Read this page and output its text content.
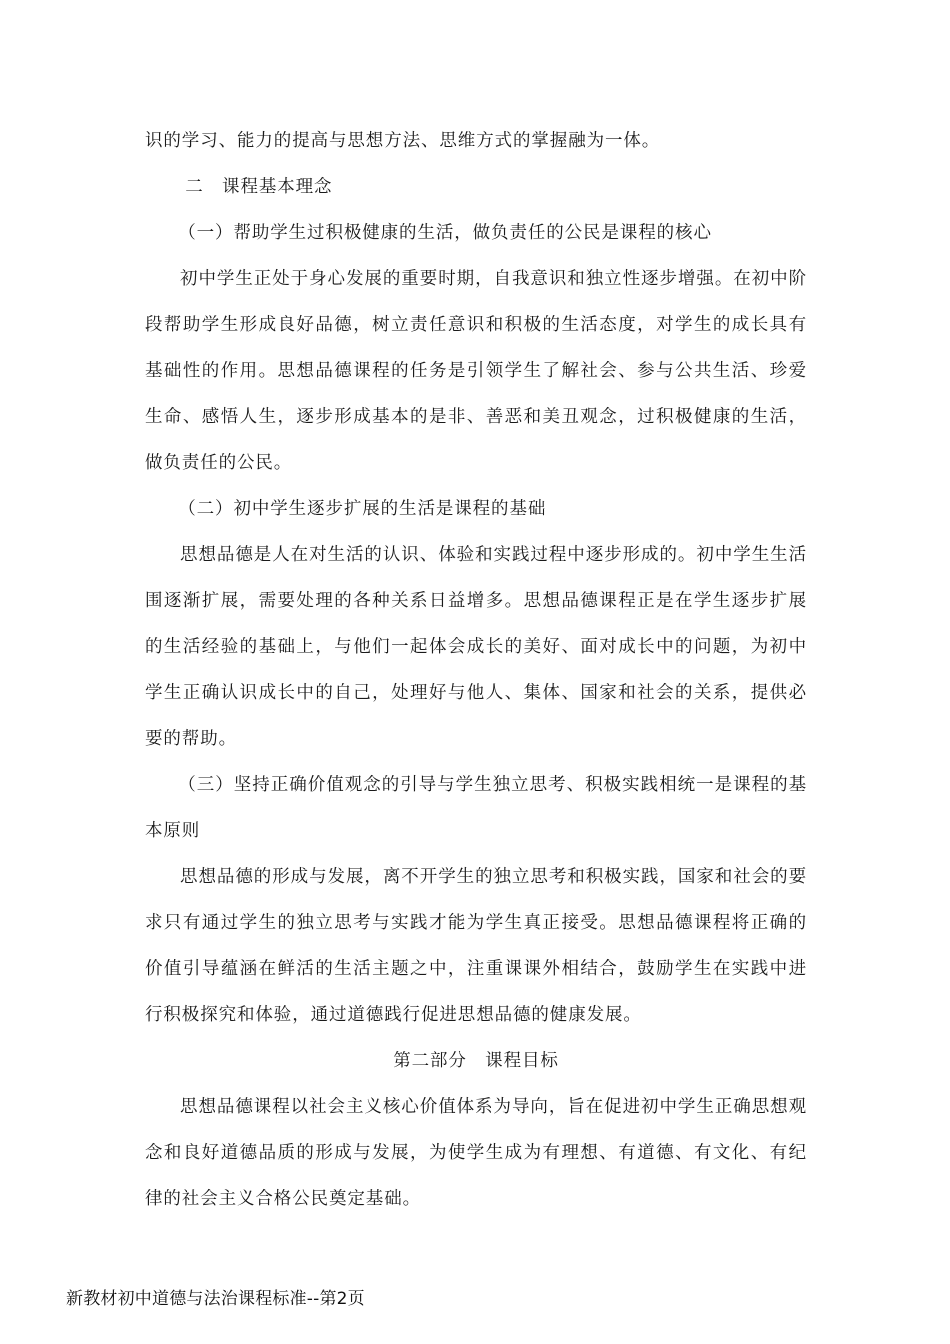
识的学习、能力的提高与思想方法、思维方式的掌握融为一体。

二　课程基本理念

（一）帮助学生过积极健康的生活，做负责任的公民是课程的核心

初中学生正处于身心发展的重要时期，自我意识和独立性逐步增强。在初中阶段帮助学生形成良好品德，树立责任意识和积极的生活态度，对学生的成长具有基础性的作用。思想品德课程的任务是引领学生了解社会、参与公共生活、珍爱生命、感悟人生，逐步形成基本的是非、善恶和美丑观念，过积极健康的生活，做负责任的公民。

（二）初中学生逐步扩展的生活是课程的基础

思想品德是人在对生活的认识、体验和实践过程中逐步形成的。初中学生生活围逐渐扩展，需要处理的各种关系日益增多。思想品德课程正是在学生逐步扩展的生活经验的基础上，与他们一起体会成长的美好、面对成长中的问题，为初中学生正确认识成长中的自己，处理好与他人、集体、国家和社会的关系，提供必要的帮助。

（三）坚持正确价值观念的引导与学生独立思考、积极实践相统一是课程的基本原则

思想品德的形成与发展，离不开学生的独立思考和积极实践，国家和社会的要求只有通过学生的独立思考与实践才能为学生真正接受。思想品德课程将正确的价值引导蕴涵在鲜活的生活主题之中，注重课课外相结合，鼓励学生在实践中进行积极探究和体验，通过道德践行促进思想品德的健康发展。

第二部分　课程目标

思想品德课程以社会主义核心价值体系为导向，旨在促进初中学生正确思想观念和良好道德品质的形成与发展，为使学生成为有理想、有道德、有文化、有纪律的社会主义合格公民奠定基础。

新教材初中道德与法治课程标准--第2页
